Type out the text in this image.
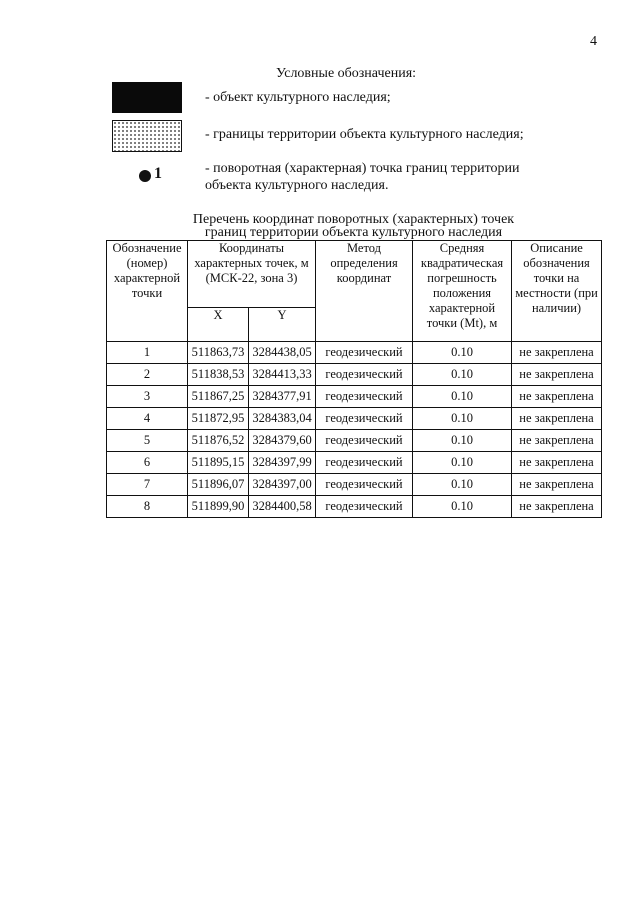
4
Условные обозначения:
- объект культурного наследия;
- границы территории объекта культурного наследия;
1	- поворотная (характерная) точка границ территории объекта культурного наследия.
Перечень координат поворотных (характерных) точек
границ территории объекта культурного наследия
Обозначение (номер) характерной точки	Координаты характерных точек, м (МСК-22, зона 3)		Метод определения координат	Средняя квадратическая погрешность положения характерной точки (Mt), м	Описание обозначения точки на местности (при наличии)
	X	Y			
1	511863,73	3284438,05	геодезический	0.10	не закреплена
2	511838,53	3284413,33	геодезический	0.10	не закреплена
3	511867,25	3284377,91	геодезический	0.10	не закреплена
4	511872,95	3284383,04	геодезический	0.10	не закреплена
5	511876,52	3284379,60	геодезический	0.10	не закреплена
6	511895,15	3284397,99	геодезический	0.10	не закреплена
7	511896,07	3284397,00	геодезический	0.10	не закреплена
8	511899,90	3284400,58	геодезический	0.10	не закреплена
